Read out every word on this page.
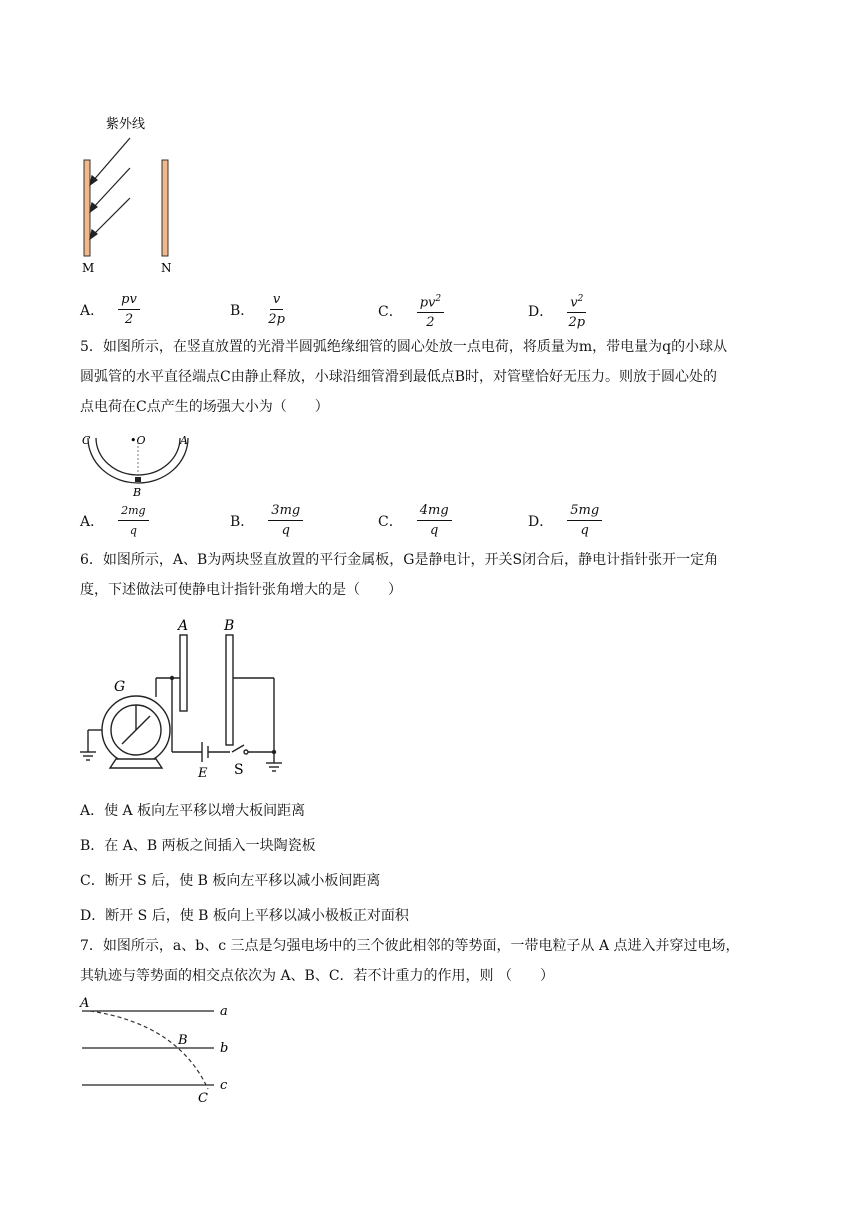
紫外线
M	N
A． $\frac{pv}{2}$	B． $\frac{v}{2p}$	C． $\frac{pv^2}{2}$	D． $\frac{v^2}{2p}$
5．如图所示，在竖直放置的光滑半圆弧绝缘细管的圆心处放一点电荷，将质量为m，带电量为q的小球从
圆弧管的水平直径端点C由静止释放，小球沿细管滑到最低点B时，对管壁恰好无压力。则放于圆心处的
点电荷在C点产生的场强大小为（　　）
C	•O	A
B
A． $\frac{2mg}{q}$	B． $\frac{3mg}{q}$	C． $\frac{4mg}{q}$	D． $\frac{5mg}{q}$
6．如图所示，A、B为两块竖直放置的平行金属板，G是静电计，开关S闭合后，静电计指针张开一定角
度，下述做法可使静电计指针张角增大的是（　　）
A	B
G
E S
A．使 A 板向左平移以增大板间距离
B．在 A、B 两板之间插入一块陶瓷板
C．断开 S 后，使 B 板向左平移以减小板间距离
D．断开 S 后，使 B 板向上平移以减小极板正对面积
7．如图所示，a、b、c 三点是匀强电场中的三个彼此相邻的等势面，一带电粒子从 A 点进入并穿过电场，
其轨迹与等势面的相交点依次为 A、B、C．若不计重力的作用，则 （　　）
A
B
C
a
b
c
